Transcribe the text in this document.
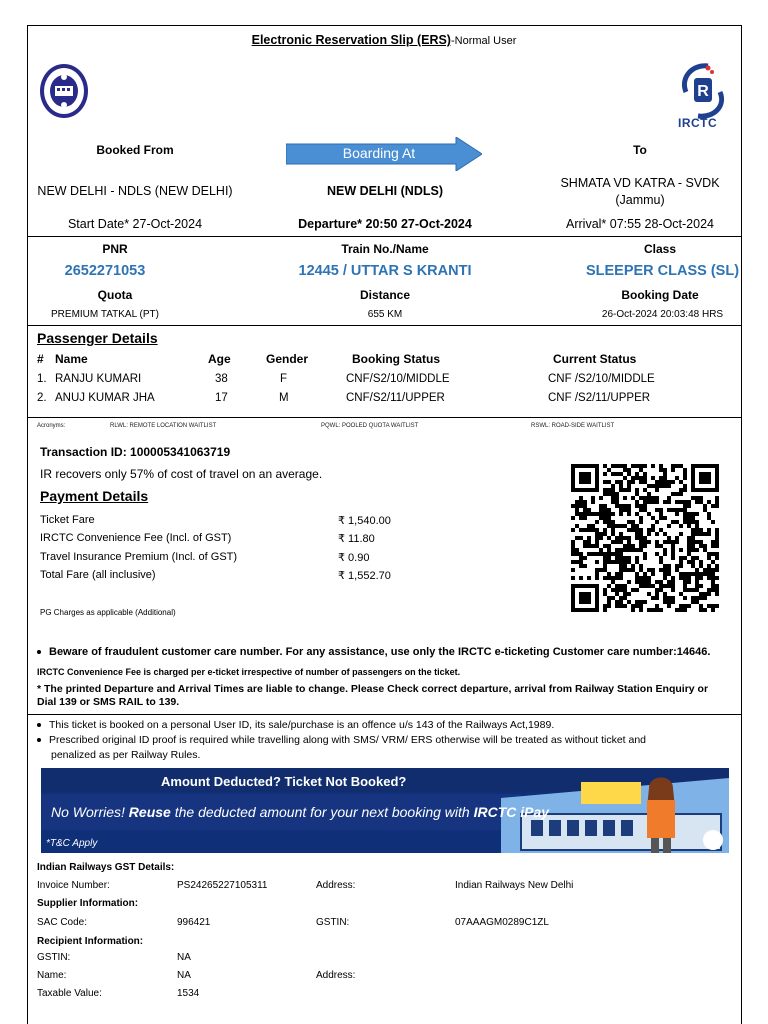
Electronic Reservation Slip (ERS)-Normal User
R
IRCTC
Booked From	Boarding At	To
NEW DELHI - NDLS (NEW DELHI)	NEW DELHI (NDLS)
SHMATA VD KATRA - SVDK
(Jammu)
Start Date* 27-Oct-2024	Departure* 20:50 27-Oct-2024	Arrival* 07:55 28-Oct-2024
PNR	Train No./Name	Class
2652271053	12445 / UTTAR S KRANTI	SLEEPER CLASS (SL)
Quota	Distance	Booking Date
PREMIUM TATKAL (PT)	655 KM	26-Oct-2024 20:03:48 HRS
Passenger Details
# Name	Age	Gender	Booking Status	Current Status
1. RANJU KUMARI	38	F	CNF/S2/10/MIDDLE	CNF /S2/10/MIDDLE
2. ANUJ KUMAR JHA	17	M	CNF/S2/11/UPPER	CNF /S2/11/UPPER
Acronyms:	RLWL: REMOTE LOCATION WAITLIST	PQWL: POOLED QUOTA WAITLIST	RSWL: ROAD-SIDE WAITLIST
Transaction ID: 100005341063719
IR recovers only 57% of cost of travel on an average.
Payment Details
Ticket Fare	₹ 1,540.00
IRCTC Convenience Fee (Incl. of GST)	₹ 11.80
Travel Insurance Premium (Incl. of GST)	₹ 0.90
Total Fare (all inclusive)	₹ 1,552.70
PG Charges as applicable (Additional)
Beware of fraudulent customer care number. For any assistance, use only the IRCTC e-ticketing Customer care number:14646.
IRCTC Convenience Fee is charged per e-ticket irrespective of number of passengers on the ticket.
* The printed Departure and Arrival Times are liable to change. Please Check correct departure, arrival from Railway Station Enquiry or Dial 139 or SMS RAIL to 139.
This ticket is booked on a personal User ID, its sale/purchase is an offence u/s 143 of the Railways Act,1989.
Prescribed original ID proof is required while travelling along with SMS/ VRM/ ERS otherwise will be treated as without ticket and
penalized as per Railway Rules.
Amount Deducted? Ticket Not Booked?
No Worries! Reuse the deducted amount for your next booking with IRCTC iPay
*T&C Apply
Indian Railways GST Details:
Invoice Number:	PS24265227105311	Address:	Indian Railways New Delhi
Supplier Information:
SAC Code:	996421	GSTIN:	07AAAGM0289C1ZL
Recipient Information:
GSTIN:	NA
Name:	NA	Address:
Taxable Value:	1534
